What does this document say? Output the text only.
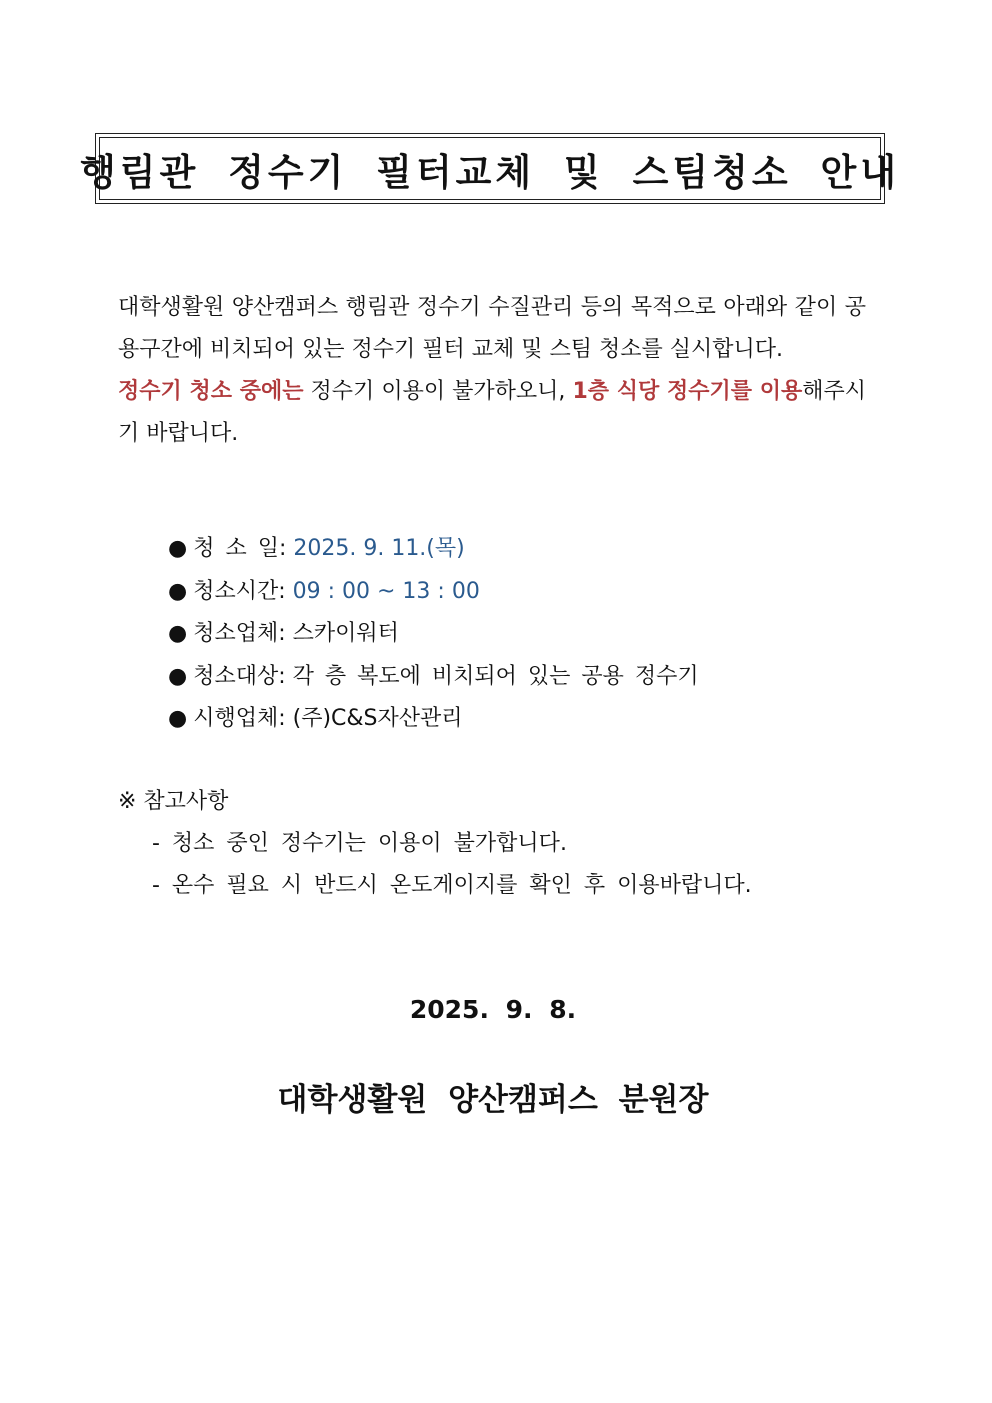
행림관 정수기 필터교체 및 스팀청소 안내

대학생활원 양산캠퍼스 행림관 정수기 수질관리 등의 목적으로 아래와 같이 공용구간에 비치되어 있는 정수기 필터 교체 및 스팀 청소를 실시합니다.

정수기 청소 중에는 정수기 이용이 불가하오니, 1층 식당 정수기를 이용해주시기 바랍니다.

● 청 소 일: 2025. 9. 11.(목)
● 청소시간: 09 : 00 ~ 13 : 00
● 청소업체: 스카이워터
● 청소대상: 각 층 복도에 비치되어 있는 공용 정수기
● 시행업체: (주)C&S자산관리
※ 참고사항
- 청소 중인 정수기는 이용이 불가합니다.
- 온수 필요 시 반드시 온도게이지를 확인 후 이용바랍니다.
2025. 9. 8.
대학생활원 양산캠퍼스 분원장
